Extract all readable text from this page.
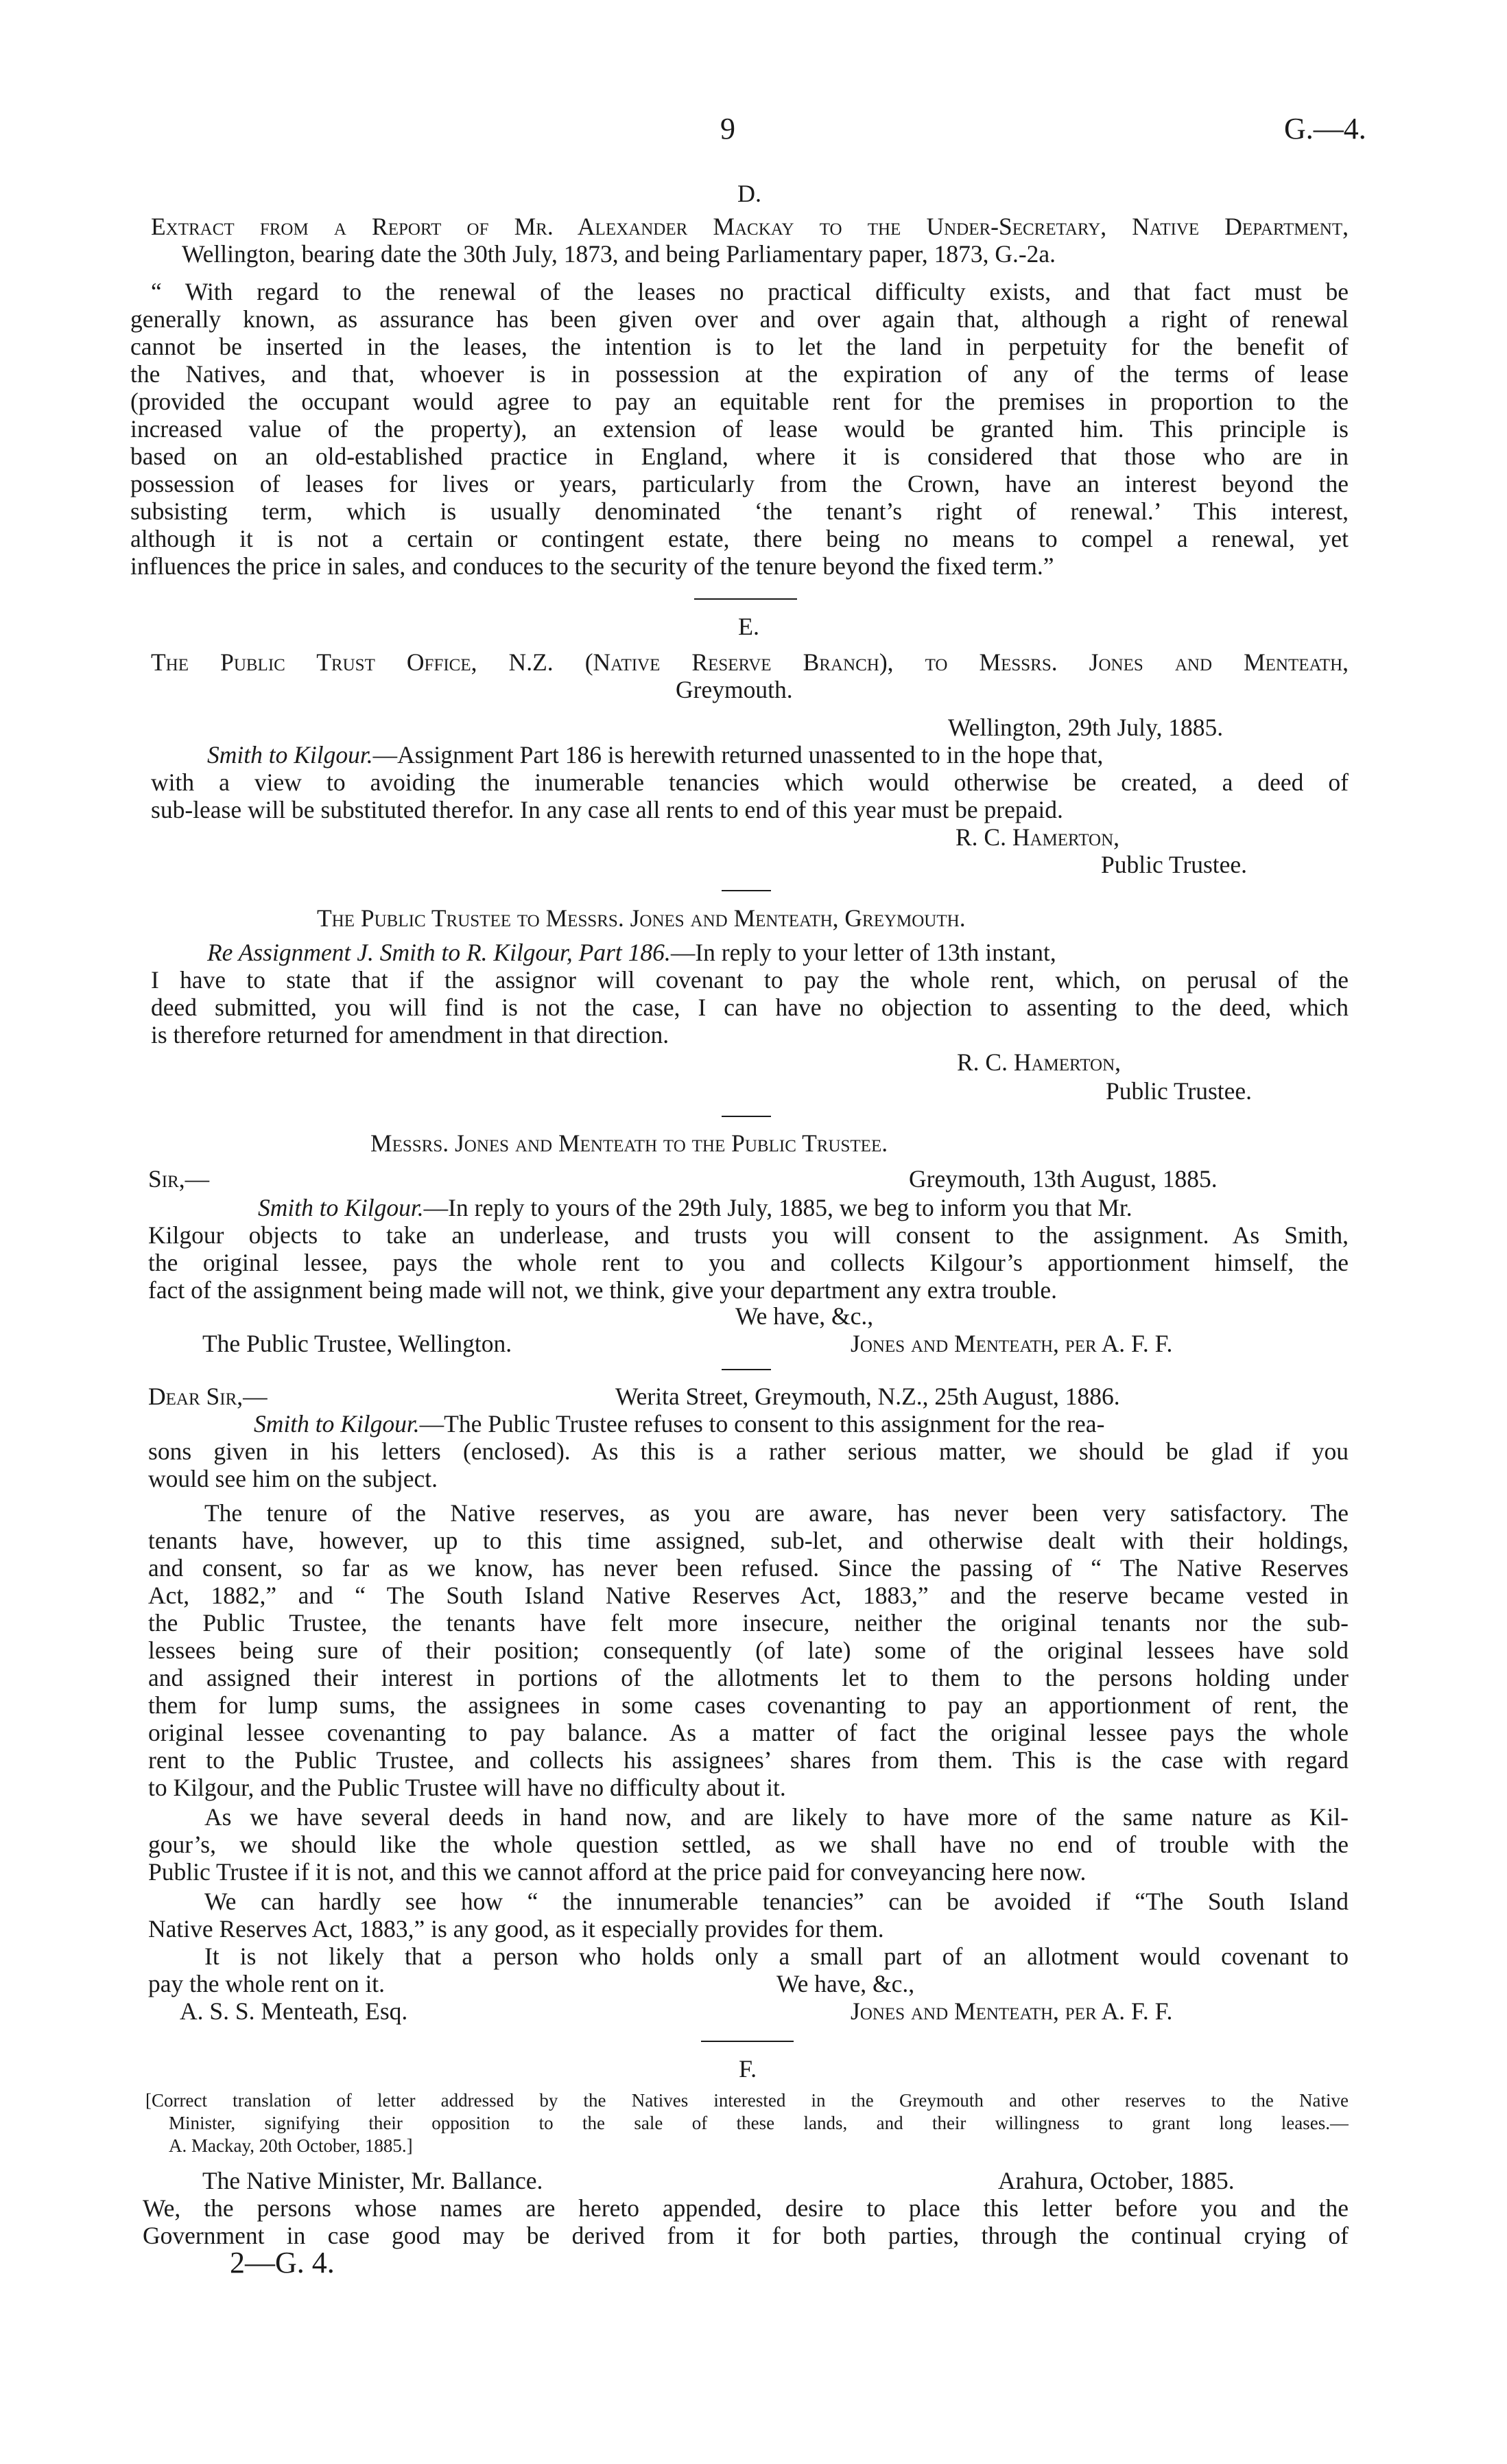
9	G.—4.
D.
Extract from a Report of Mr. Alexander Mackay to the Under-Secretary, Native Department,
Wellington, bearing date the 30th July, 1873, and being Parliamentary paper, 1873, G.-2a.
“ With regard to the renewal of the leases no practical difficulty exists, and that fact must be
generally known, as assurance has been given over and over again that, although a right of renewal
cannot be inserted in the leases, the intention is to let the land in perpetuity for the benefit of
the Natives, and that, whoever is in possession at the expiration of any of the terms of lease
(provided the occupant would agree to pay an equitable rent for the premises in proportion to the
increased value of the property), an extension of lease would be granted him. This principle is
based on an old-established practice in England, where it is considered that those who are in
possession of leases for lives or years, particularly from the Crown, have an interest beyond the
subsisting term, which is usually denominated ‘the tenant’s right of renewal.’ This interest,
although it is not a certain or contingent estate, there being no means to compel a renewal, yet
influences the price in sales, and conduces to the security of the tenure beyond the fixed term.”
E.
The Public Trust Office, N.Z. (Native Reserve Branch), to Messrs. Jones and Menteath,
Greymouth.
Wellington, 29th July, 1885.
Smith to Kilgour.—Assignment Part 186 is herewith returned unassented to in the hope that,
with a view to avoiding the inumerable tenancies which would otherwise be created, a deed of
sub-lease will be substituted therefor. In any case all rents to end of this year must be prepaid.
R. C. Hamerton,
Public Trustee.
The Public Trustee to Messrs. Jones and Menteath, Greymouth.
Re Assignment J. Smith to R. Kilgour, Part 186.—In reply to your letter of 13th instant,
I have to state that if the assignor will covenant to pay the whole rent, which, on perusal of the
deed submitted, you will find is not the case, I can have no objection to assenting to the deed, which
is therefore returned for amendment in that direction.
R. C. Hamerton,
Public Trustee.
Messrs. Jones and Menteath to the Public Trustee.
Sir,—	Greymouth, 13th August, 1885.
Smith to Kilgour.—In reply to yours of the 29th July, 1885, we beg to inform you that Mr.
Kilgour objects to take an underlease, and trusts you will consent to the assignment. As Smith,
the original lessee, pays the whole rent to you and collects Kilgour’s apportionment himself, the
fact of the assignment being made will not, we think, give your department any extra trouble.
We have, &c.,
The Public Trustee, Wellington.	Jones and Menteath, per A. F. F.
Dear Sir,—	Werita Street, Greymouth, N.Z., 25th August, 1886.
Smith to Kilgour.—The Public Trustee refuses to consent to this assignment for the rea-
sons given in his letters (enclosed). As this is a rather serious matter, we should be glad if you
would see him on the subject.
The tenure of the Native reserves, as you are aware, has never been very satisfactory. The
tenants have, however, up to this time assigned, sub-let, and otherwise dealt with their holdings,
and consent, so far as we know, has never been refused. Since the passing of “ The Native Reserves
Act, 1882,” and “ The South Island Native Reserves Act, 1883,” and the reserve became vested in
the Public Trustee, the tenants have felt more insecure, neither the original tenants nor the sub-
lessees being sure of their position; consequently (of late) some of the original lessees have sold
and assigned their interest in portions of the allotments let to them to the persons holding under
them for lump sums, the assignees in some cases covenanting to pay an apportionment of rent, the
original lessee covenanting to pay balance. As a matter of fact the original lessee pays the whole
rent to the Public Trustee, and collects his assignees’ shares from them. This is the case with regard
to Kilgour, and the Public Trustee will have no difficulty about it.
As we have several deeds in hand now, and are likely to have more of the same nature as Kil-
gour’s, we should like the whole question settled, as we shall have no end of trouble with the
Public Trustee if it is not, and this we cannot afford at the price paid for conveyancing here now.
We can hardly see how “ the innumerable tenancies” can be avoided if “The South Island
Native Reserves Act, 1883,” is any good, as it especially provides for them.
It is not likely that a person who holds only a small part of an allotment would covenant to
pay the whole rent on it.	We have, &c.,
A. S. S. Menteath, Esq.	Jones and Menteath, per A. F. F.
F.
[Correct translation of letter addressed by the Natives interested in the Greymouth and other reserves to the Native
Minister, signifying their opposition to the sale of these lands, and their willingness to grant long leases.—
A. Mackay, 20th October, 1885.]
The Native Minister, Mr. Ballance.	Arahura, October, 1885.
We, the persons whose names are hereto appended, desire to place this letter before you and the
Government in case good may be derived from it for both parties, through the continual crying of
2—G. 4.
